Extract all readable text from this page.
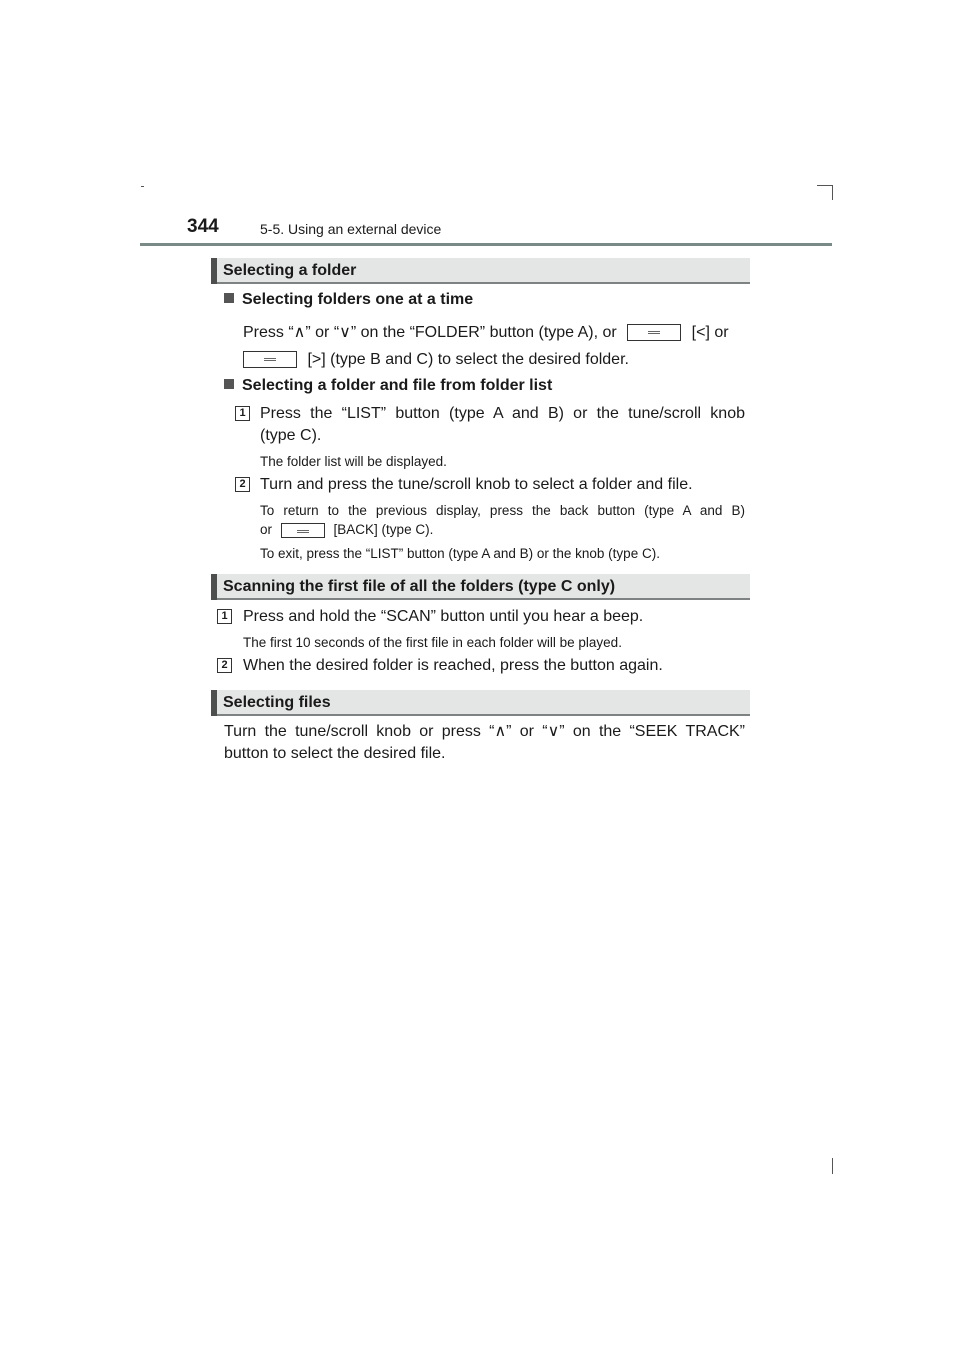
344	5-5. Using an external device
Selecting a folder
Selecting folders one at a time
Press “∧” or “∨” on the “FOLDER” button (type A), or	[<] or
[>] (type B and C) to select the desired folder.
Selecting a folder and file from folder list
1 Press the “LIST” button (type A and B) or the tune/scroll knob
(type C).
The folder list will be displayed.
2 Turn and press the tune/scroll knob to select a folder and file.
To return to the previous display, press the back button (type A and B)
or	[BACK] (type C).
To exit, press the “LIST” button (type A and B) or the knob (type C).
Scanning the first file of all the folders (type C only)
1 Press and hold the “SCAN” button until you hear a beep.
The first 10 seconds of the first file in each folder will be played.
2 When the desired folder is reached, press the button again.
Selecting files
Turn the tune/scroll knob or press “∧” or “∨” on the “SEEK TRACK”
button to select the desired file.
